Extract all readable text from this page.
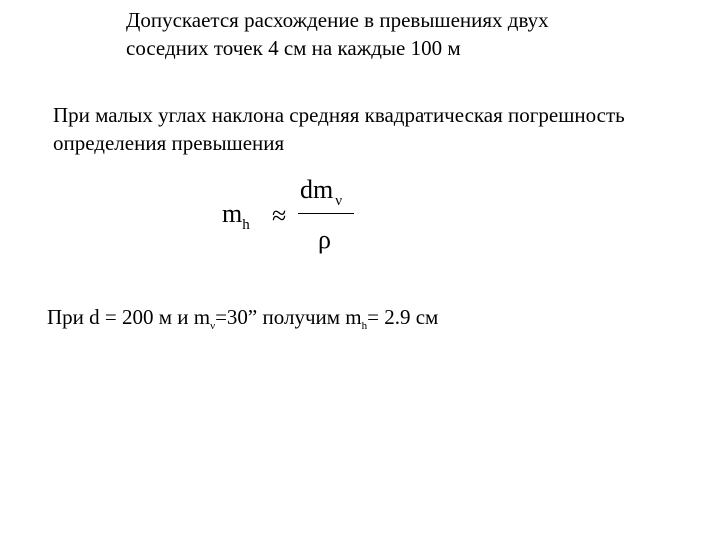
Допускается расхождение в превышениях двух
соседних точек 4 см на каждые 100 м
При малых углах наклона средняя квадратическая погрешность
определения превышения
$m_h$ ≈
dm $_\nu$
ρ
При d = 200 м и $m_\nu=30$” получим $m_h= 2.9$ см
